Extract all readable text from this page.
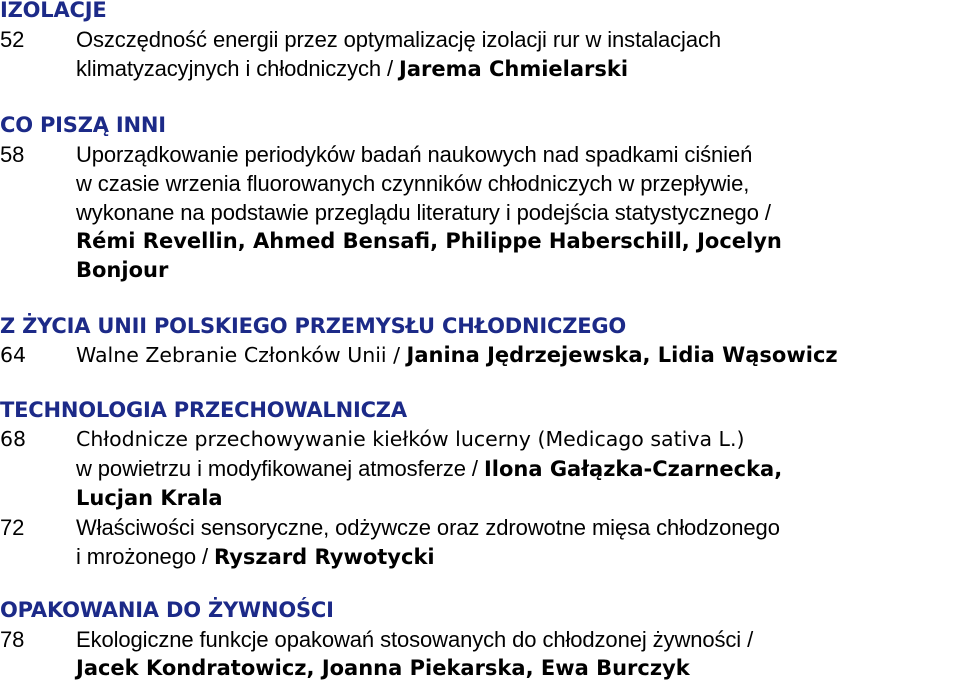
IZOLACJE
52	Oszczędność energii przez optymalizację izolacji rur w instalacjach
klimatyzacyjnych i chłodniczych / Jarema Chmielarski
CO PISZĄ INNI
58	Uporządkowanie periodyków badań naukowych nad spadkami ciśnień
w czasie wrzenia fluorowanych czynników chłodniczych w przepływie,
wykonane na podstawie przeglądu literatury i podejścia statystycznego /
Rémi Revellin, Ahmed Bensafi, Philippe Haberschill, Jocelyn
Bonjour
Z ŻYCIA UNII POLSKIEGO PRZEMYSŁU CHŁODNICZEGO
64	Walne Zebranie Członków Unii / Janina Jędrzejewska, Lidia Wąsowicz
TECHNOLOGIA PRZECHOWALNICZA
68	Chłodnicze przechowywanie kiełków lucerny (Medicago sativa L.)
w powietrzu i modyfikowanej atmosferze / Ilona Gałązka-Czarnecka,
Lucjan Krala
72	Właściwości sensoryczne, odżywcze oraz zdrowotne mięsa chłodzonego
i mrożonego / Ryszard Rywotycki
OPAKOWANIA DO ŻYWNOŚCI
78	Ekologiczne funkcje opakowań stosowanych do chłodzonej żywności /
Jacek Kondratowicz, Joanna Piekarska, Ewa Burczyk
